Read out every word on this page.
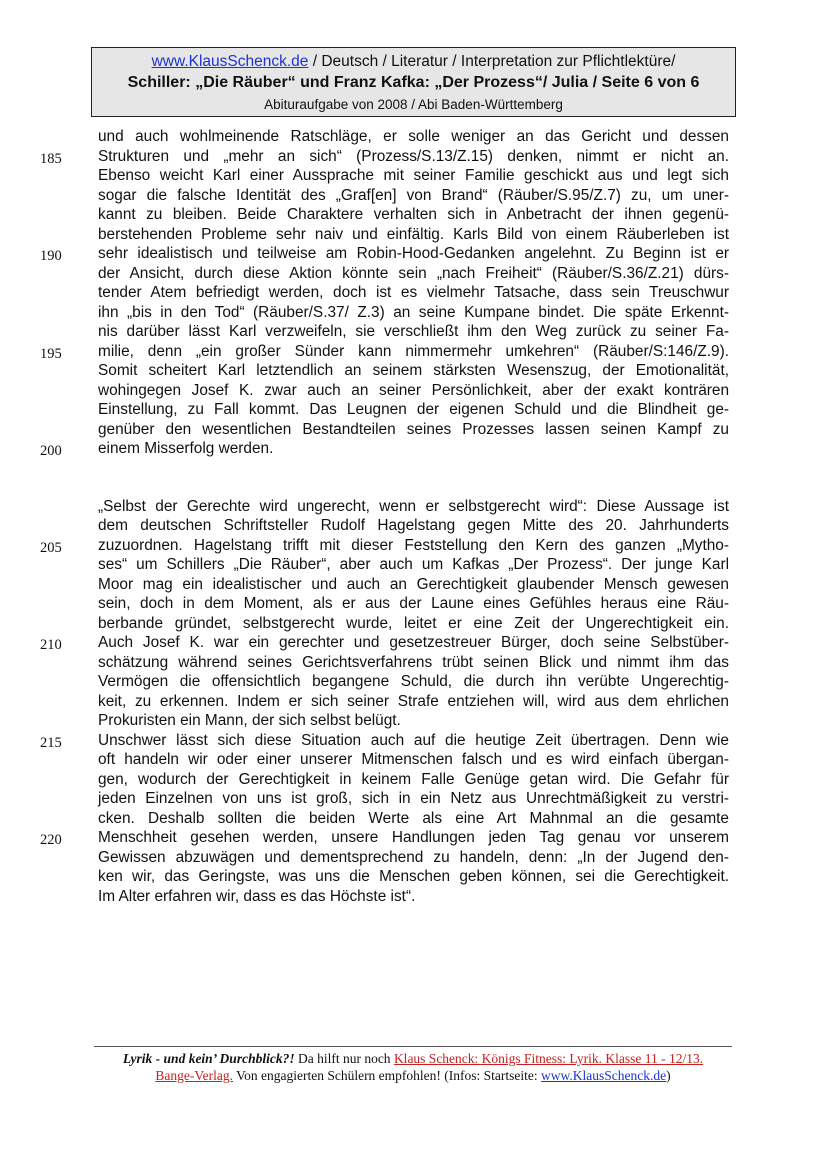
www.KlausSchenck.de / Deutsch / Literatur / Interpretation zur Pflichtlektüre/
Schiller: „Die Räuber“ und Franz Kafka: „Der Prozess“/ Julia / Seite 6 von 6
Abituraufgabe von 2008 / Abi Baden-Württemberg
und auch wohlmeinende Ratschläge, er solle weniger an das Gericht und dessen
Strukturen und „mehr an sich“ (Prozess/S.13/Z.15) denken, nimmt er nicht an.
Ebenso weicht Karl einer Aussprache mit seiner Familie geschickt aus und legt sich
sogar die falsche Identität des „Graf[en] von Brand“ (Räuber/S.95/Z.7) zu, um uner-
kannt zu bleiben. Beide Charaktere verhalten sich in Anbetracht der ihnen gegenü-
berstehenden Probleme sehr naiv und einfältig. Karls Bild von einem Räuberleben ist
sehr idealistisch und teilweise am Robin-Hood-Gedanken angelehnt. Zu Beginn ist er
der Ansicht, durch diese Aktion könnte sein „nach Freiheit“ (Räuber/S.36/Z.21) dürs-
tender Atem befriedigt werden, doch ist es vielmehr Tatsache, dass sein Treuschwur
ihn „bis in den Tod“ (Räuber/S.37/ Z.3) an seine Kumpane bindet. Die späte Erkennt-
nis darüber lässt Karl verzweifeln, sie verschließt ihm den Weg zurück zu seiner Fa-
milie, denn „ein großer Sünder kann nimmermehr umkehren“ (Räuber/S:146/Z.9).
Somit scheitert Karl letztendlich an seinem stärksten Wesenszug, der Emotionalität,
wohingegen Josef K. zwar auch an seiner Persönlichkeit, aber der exakt konträren
Einstellung, zu Fall kommt. Das Leugnen der eigenen Schuld und die Blindheit ge-
genüber den wesentlichen Bestandteilen seines Prozesses lassen seinen Kampf zu
einem Misserfolg werden.
„Selbst der Gerechte wird ungerecht, wenn er selbstgerecht wird“: Diese Aussage ist
dem deutschen Schriftsteller Rudolf Hagelstang gegen Mitte des 20. Jahrhunderts
zuzuordnen. Hagelstang trifft mit dieser Feststellung den Kern des ganzen „Mytho-
ses“ um Schillers „Die Räuber“, aber auch um Kafkas „Der Prozess“. Der junge Karl
Moor mag ein idealistischer und auch an Gerechtigkeit glaubender Mensch gewesen
sein, doch in dem Moment, als er aus der Laune eines Gefühles heraus eine Räu-
berbande gründet, selbstgerecht wurde, leitet er eine Zeit der Ungerechtigkeit ein.
Auch Josef K. war ein gerechter und gesetzestreuer Bürger, doch seine Selbstüber-
schätzung während seines Gerichtsverfahrens trübt seinen Blick und nimmt ihm das
Vermögen die offensichtlich begangene Schuld, die durch ihn verübte Ungerechtig-
keit, zu erkennen. Indem er sich seiner Strafe entziehen will, wird aus dem ehrlichen
Prokuristen ein Mann, der sich selbst belügt.
Unschwer lässt sich diese Situation auch auf die heutige Zeit übertragen. Denn wie
oft handeln wir oder einer unserer Mitmenschen falsch und es wird einfach übergan-
gen, wodurch der Gerechtigkeit in keinem Falle Genüge getan wird. Die Gefahr für
jeden Einzelnen von uns ist groß, sich in ein Netz aus Unrechtmäßigkeit zu verstri-
cken. Deshalb sollten die beiden Werte als eine Art Mahnmal an die gesamte
Menschheit gesehen werden, unsere Handlungen jeden Tag genau vor unserem
Gewissen abzuwägen und dementsprechend zu handeln, denn: „In der Jugend den-
ken wir, das Geringste, was uns die Menschen geben können, sei die Gerechtigkeit.
Im Alter erfahren wir, dass es das Höchste ist“.
185
190
195
200
205
210
215
220
Lyrik - und kein’ Durchblick?! Da hilft nur noch Klaus Schenck: Königs Fitness: Lyrik. Klasse 11 - 12/13.
Bange-Verlag. Von engagierten Schülern empfohlen! (Infos: Startseite: www.KlausSchenck.de)
